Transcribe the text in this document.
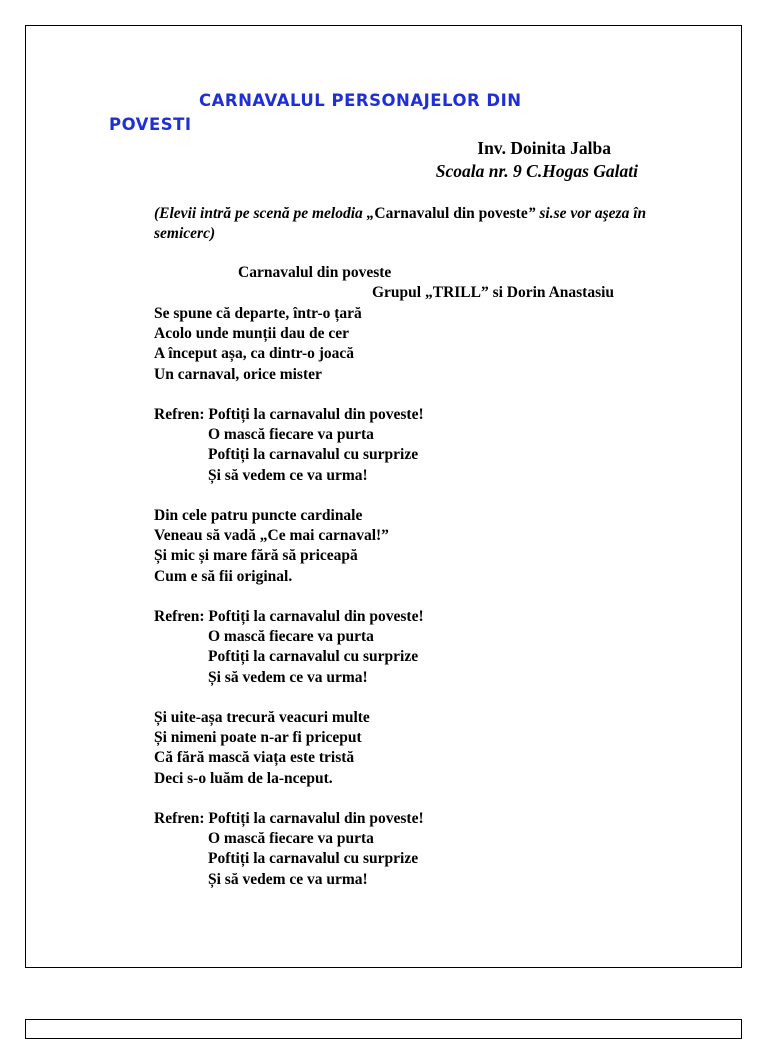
CARNAVALUL PERSONAJELOR DIN
POVESTI
Inv. Doinita Jalba
Scoala nr. 9 C.Hogas Galati
(Elevii intră pe scenă pe melodia „Carnavalul din poveste” si.se vor aşeza în semicerc)
Carnavalul din poveste
Grupul „TRILL” si Dorin Anastasiu
Se spune că departe, într-o țară
Acolo unde munții dau de cer
A început așa, ca dintr-o joacă
Un carnaval, orice mister
Refren: Poftiți la carnavalul din poveste!
O mască fiecare va purta
Poftiți la carnavalul cu surprize
Și să vedem ce va urma!
Din cele patru puncte cardinale
Veneau să vadă „Ce mai carnaval!”
Și mic și mare fără să priceapă
Cum e să fii original.
Refren: Poftiți la carnavalul din poveste!
O mască fiecare va purta
Poftiți la carnavalul cu surprize
Și să vedem ce va urma!
Și uite-așa trecură veacuri multe
Și nimeni poate n-ar fi priceput
Că fără mască viața este tristă
Deci s-o luăm de la-nceput.
Refren: Poftiți la carnavalul din poveste!
O mască fiecare va purta
Poftiți la carnavalul cu surprize
Și să vedem ce va urma!
